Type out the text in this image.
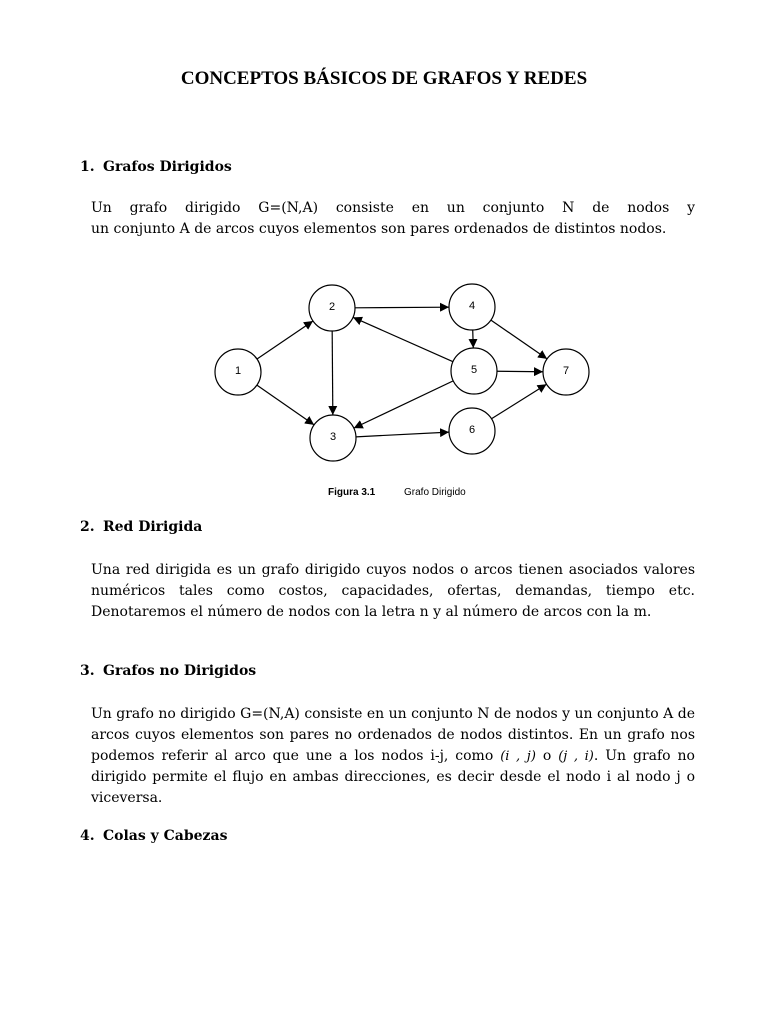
CONCEPTOS BÁSICOS DE GRAFOS Y REDES
1. Grafos Dirigidos
Un grafo dirigido G=(N,A) consiste en un conjunto N de nodos y
un conjunto A de arcos cuyos elementos son pares ordenados de distintos nodos.
1
2
3
4
5
6
7
Figura 3.1	Grafo Dirigido
2. Red Dirigida
Una red dirigida es un grafo dirigido cuyos nodos o arcos tienen asociados valores numéricos tales como costos, capacidades, ofertas, demandas, tiempo etc. Denotaremos el número de nodos con la letra n y al número de arcos con la m.
3. Grafos no Dirigidos
Un grafo no dirigido G=(N,A) consiste en un conjunto N de nodos y un conjunto A de arcos cuyos elementos son pares no ordenados de nodos distintos. En un grafo nos podemos referir al arco que une a los nodos i-j, como (i , j) o (j , i). Un grafo no dirigido permite el flujo en ambas direcciones, es decir desde el nodo i al nodo j o viceversa.
4. Colas y Cabezas
